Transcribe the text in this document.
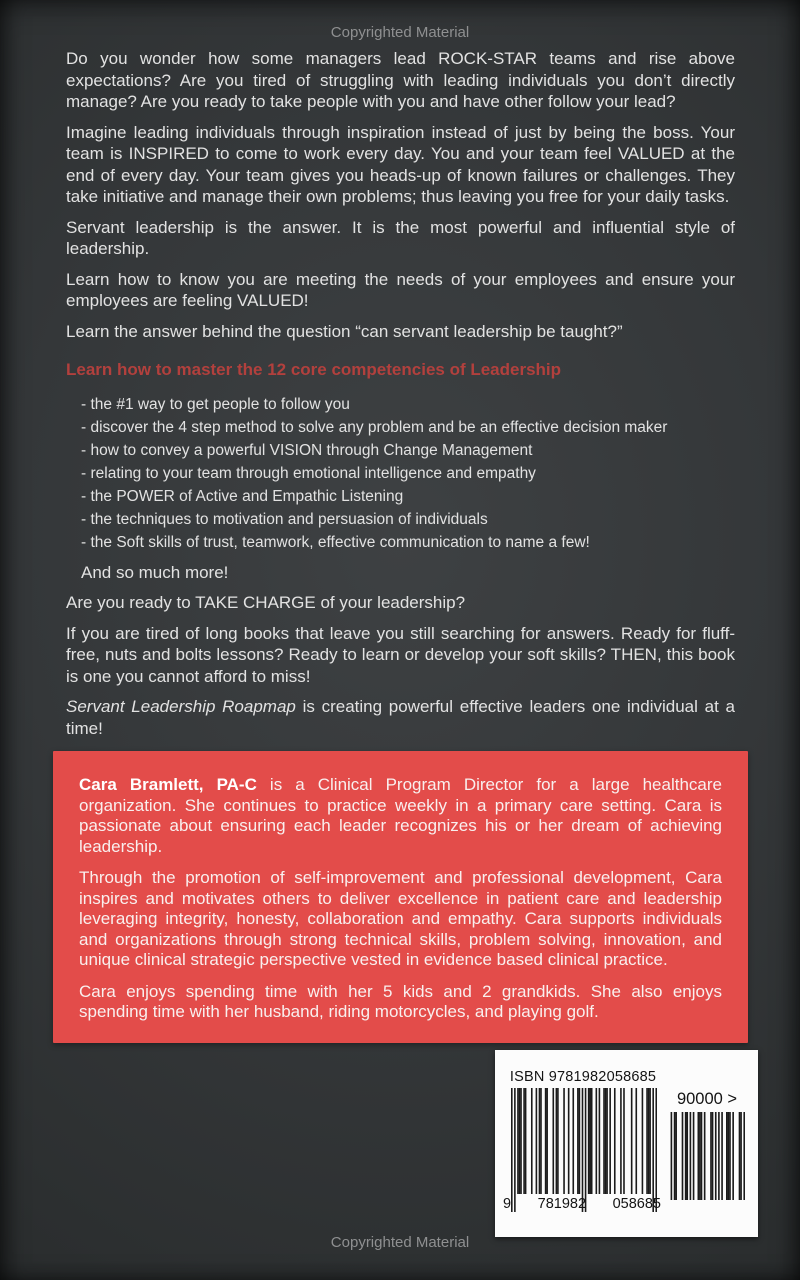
Copyrighted Material

Do you wonder how some managers lead ROCK-STAR teams and rise above expectations? Are you tired of struggling with leading individuals you don’t directly manage? Are you ready to take people with you and have other follow your lead?

Imagine leading individuals through inspiration instead of just by being the boss. Your team is INSPIRED to come to work every day. You and your team feel VALUED at the end of every day. Your team gives you heads-up of known failures or challenges. They take initiative and manage their own problems; thus leaving you free for your daily tasks.

Servant leadership is the answer. It is the most powerful and influential style of leadership.

Learn how to know you are meeting the needs of your employees and ensure your employees are feeling VALUED!

Learn the answer behind the question “can servant leadership be taught?”

Learn how to master the 12 core competencies of Leadership
- the #1 way to get people to follow you
- discover the 4 step method to solve any problem and be an effective decision maker
- how to convey a powerful VISION through Change Management
- relating to your team through emotional intelligence and empathy
- the POWER of Active and Empathic Listening
- the techniques to motivation and persuasion of individuals
- the Soft skills of trust, teamwork, effective communication to name a few!

And so much more!

Are you ready to TAKE CHARGE of your leadership?

If you are tired of long books that leave you still searching for answers. Ready for fluff-free, nuts and bolts lessons? Ready to learn or develop your soft skills? THEN, this book is one you cannot afford to miss!

Servant Leadership Roapmap is creating powerful effective leaders one individual at a time!

Cara Bramlett, PA-C is a Clinical Program Director for a large healthcare organization. She continues to practice weekly in a primary care setting. Cara is passionate about ensuring each leader recognizes his or her dream of achieving leadership.

Through the promotion of self-improvement and professional development, Cara inspires and motivates others to deliver excellence in patient care and leadership leveraging integrity, honesty, collaboration and empathy. Cara supports individuals and organizations through strong technical skills, problem solving, innovation, and unique clinical strategic perspective vested in evidence based clinical practice.

Cara enjoys spending time with her 5 kids and 2 grandkids. She also enjoys spending time with her husband, riding motorcycles, and playing golf.

ISBN 9781982058685
9 781982 058685
90000 >
Copyrighted Material
